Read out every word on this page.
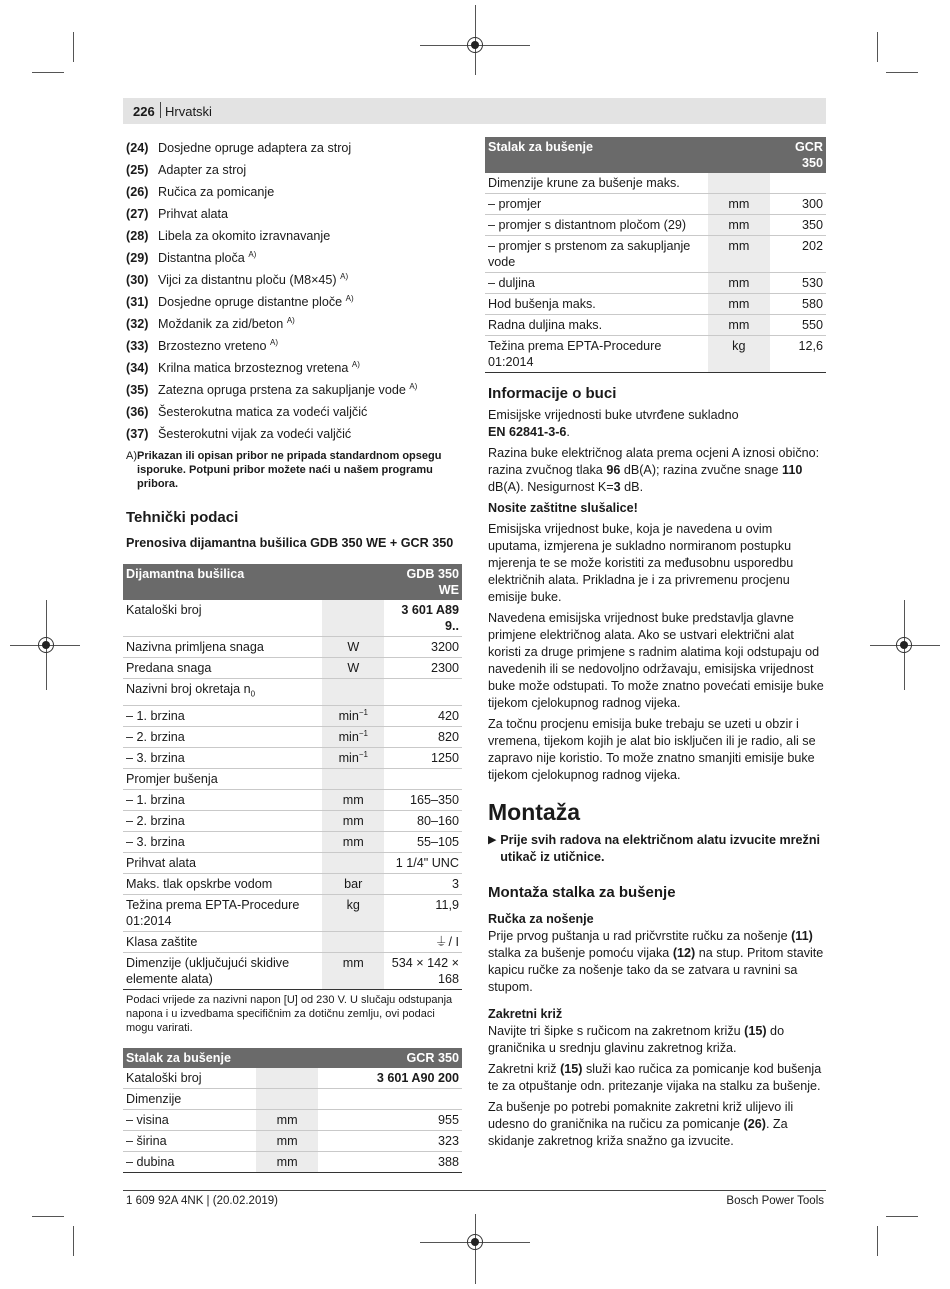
226 Hrvatski
(24) Dosjedne opruge adaptera za stroj
(25) Adapter za stroj
(26) Ručica za pomicanje
(27) Prihvat alata
(28) Libela za okomito izravnavanje
(29) Distantna ploča $^{A)}$
(30) Vijci za distantnu ploču (M8×45) $^{A)}$
(31) Dosjedne opruge distantne ploče $^{A)}$
(32) Moždanik za zid/beton $^{A)}$
(33) Brzostezno vreteno $^{A)}$
(34) Krilna matica brzosteznog vretena $^{A)}$
(35) Zatezna opruga prstena za sakupljanje vode $^{A)}$
(36) Šesterokutna matica za vodeći valjčić
(37) Šesterokutni vijak za vodeći valjčić
A) Prikazan ili opisan pribor ne pripada standardnom opsegu isporuke. Potpuni pribor možete naći u našem programu pribora.
Tehnički podaci
Prenosiva dijamantna bušilica GDB 350 WE + GCR 350
Dijamantna bušilica		GDB 350 WE
Kataloški broj		3 601 A89 9..
Nazivna primljena snaga	W	3200
Predana snaga	W	2300
Nazivni broj okretaja $n_0$		
– 1. brzina	$\min^{-1}$	420
– 2. brzina	$\min^{-1}$	820
– 3. brzina	$\min^{-1}$	1250
Promjer bušenja		
– 1. brzina	mm	165–350
– 2. brzina	mm	80–160
– 3. brzina	mm	55–105
Prihvat alata		1 1/4" UNC
Maks. tlak opskrbe vodom	bar	3
Težina prema EPTA-Procedure 01:2014	kg	11,9
Klasa zaštite		⏚/ I
Dimenzije (uključujući skidive elemente alata)	mm	534 × 142 × 168
Podaci vrijede za nazivni napon [U] od 230 V. U slučaju odstupanja napona i u izvedbama specifičnim za dotičnu zemlju, ovi podaci mogu varirati.
Stalak za bušenje		GCR 350
Kataloški broj		3 601 A90 200
Dimenzije		
– visina	mm	955
– širina	mm	323
– dubina	mm	388
Stalak za bušenje		GCR 350
Dimenzije krune za bušenje maks.		
– promjer	mm	300
– promjer s distantnom pločom (29)	mm	350
– promjer s prstenom za sakupljanje vode	mm	202
– duljina	mm	530
Hod bušenja maks.	mm	580
Radna duljina maks.	mm	550
Težina prema EPTA-Procedure 01:2014	kg	12,6
Informacije o buci

Emisijske vrijednosti buke utvrđene sukladno
EN 62841-3-6.

Razina buke električnog alata prema ocjeni A iznosi obično: razina zvučnog tlaka 96 dB(A); razina zvučne snage 110 dB(A). Nesigurnost K=3 dB.

Nosite zaštitne slušalice!

Emisijska vrijednost buke, koja je navedena u ovim uputama, izmjerena je sukladno normiranom postupku mjerenja te se može koristiti za međusobnu usporedbu električnih alata. Prikladna je i za privremenu procjenu emisije buke.

Navedena emisijska vrijednost buke predstavlja glavne primjene električnog alata. Ako se ustvari električni alat koristi za druge primjene s radnim alatima koji odstupaju od navedenih ili se nedovoljno održavaju, emisijska vrijednost buke može odstupati. To može znatno povećati emisije buke tijekom cjelokupnog radnog vijeka.

Za točnu procjenu emisija buke trebaju se uzeti u obzir i vremena, tijekom kojih je alat bio isključen ili je radio, ali se zapravo nije koristio. To može znatno smanjiti emisije buke tijekom cjelokupnog radnog vijeka.

Montaža
▶ Prije svih radova na električnom alatu izvucite mrežni utikač iz utičnice.
Montaža stalka za bušenje
Ručka za nošenje

Prije prvog puštanja u rad pričvrstite ručku za nošenje (11) stalka za bušenje pomoću vijaka (12) na stup. Pritom stavite kapicu ručke za nošenje tako da se zatvara u ravnini sa stupom.

Zakretni križ

Navijte tri šipke s ručicom na zakretnom križu (15) do graničnika u srednju glavinu zakretnog križa.

Zakretni križ (15) služi kao ručica za pomicanje kod bušenja te za otpuštanje odn. pritezanje vijaka na stalku za bušenje.

Za bušenje po potrebi pomaknite zakretni križ ulijevo ili udesno do graničnika na ručicu za pomicanje (26). Za skidanje zakretnog križa snažno ga izvucite.

1 609 92A 4NK | (20.02.2019)	Bosch Power Tools
